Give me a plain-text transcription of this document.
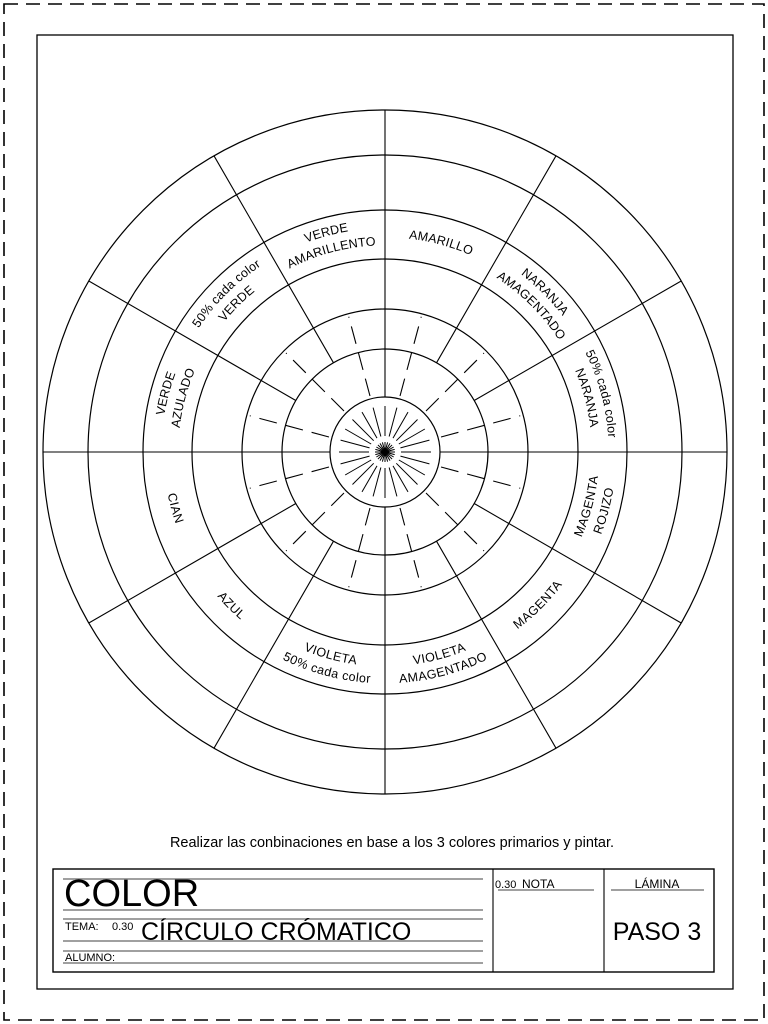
AMARILLO
NARANJA
AMAGENTADO
50% cada color
NARANJA
MAGENTA
ROJIZO
MAGENTA
VIOLETA
AMAGENTADO
VIOLETA
50% cada color
AZUL
CIAN
VERDE
AZULADO
50% cada color
VERDE
VERDE
AMARILLENTO
Realizar las conbinaciones en base a los 3 colores primarios y pintar.
COLOR
TEMA: 0.30 CÍRCULO CRÓMATICO
ALUMNO:
0.30 NOTA	LÁMINA
PASO 3
